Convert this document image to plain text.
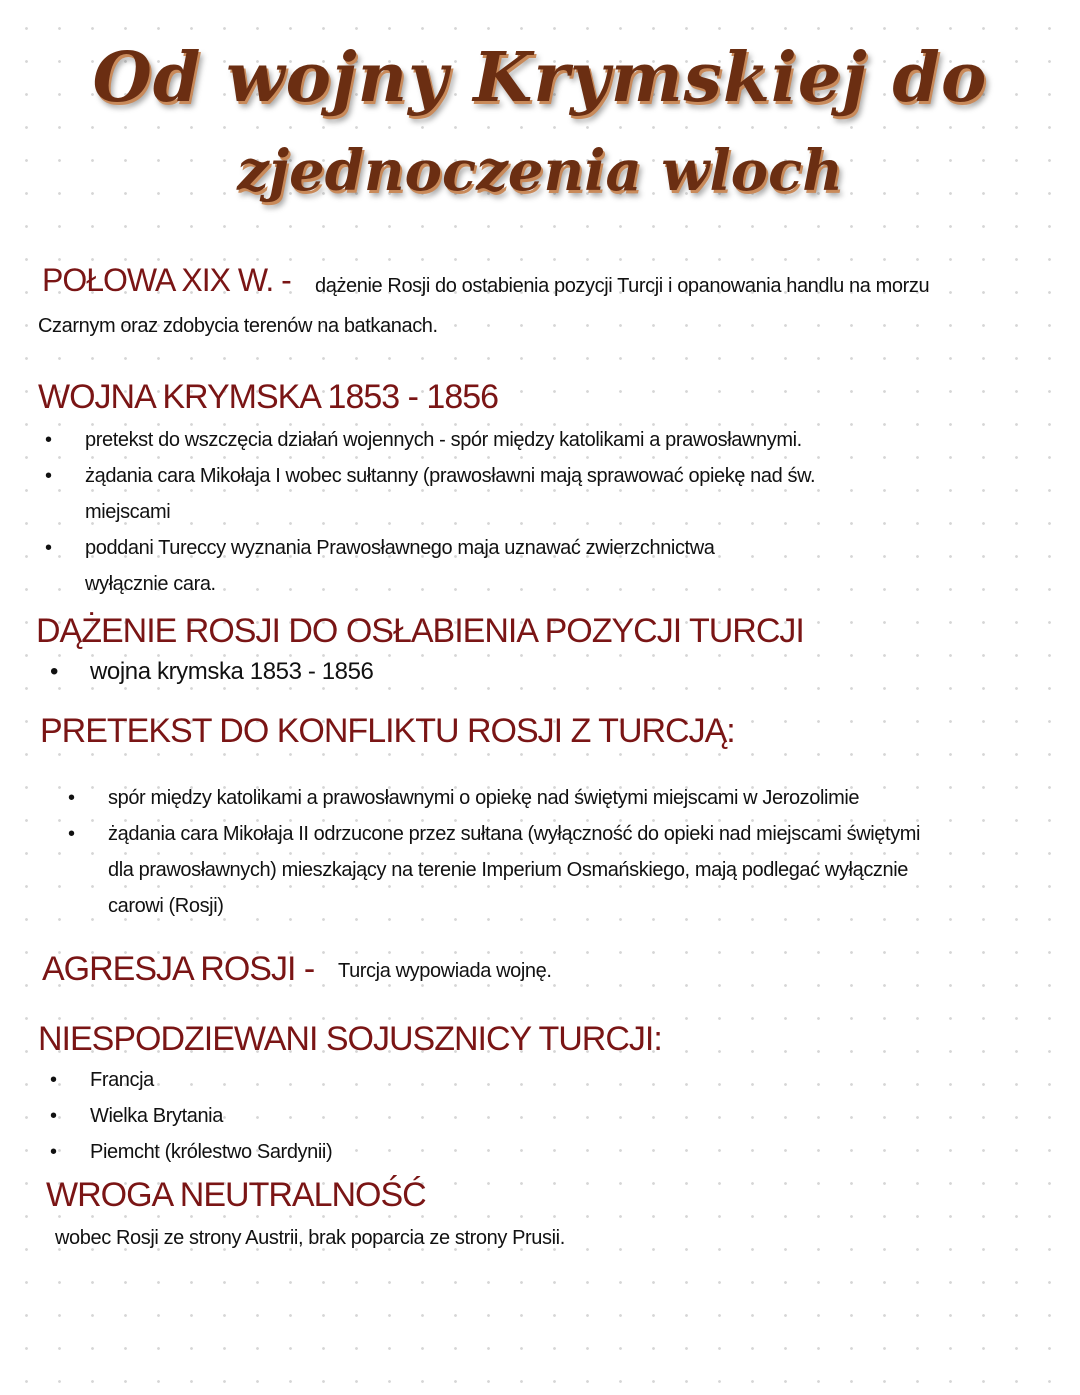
Od wojny Krymskiej do
zjednoczenia wloch
POŁOWA XIX W. - dążenie Rosji do ostabienia pozycji Turcji i opanowania handlu na morzu
Czarnym oraz zdobycia terenów na batkanach.
WOJNA KRYMSKA 1853 - 1856
• pretekst do wszczęcia działań wojennych - spór między katolikami a prawosławnymi.
• żądania cara Mikołaja I wobec sułtanny (prawosławni mają sprawować opiekę nad św. miejscami
• poddani Tureccy wyznania Prawosławnego maja uznawać zwierzchnictwa wyłącznie cara.
DĄŻENIE ROSJI DO OSŁABIENIA POZYCJI TURCJI
• wojna krymska 1853 - 1856
PRETEKST DO KONFLIKTU ROSJI Z TURCJĄ:
• spór między katolikami a prawosławnymi o opiekę nad świętymi miejscami w Jerozolimie
• żądania cara Mikołaja II odrzucone przez sułtana (wyłączność do opieki nad miejscami świętymi dla prawosławnych) mieszkający na terenie Imperium Osmańskiego, mają podlegać wyłącznie carowi (Rosji)
AGRESJA ROSJI - Turcja wypowiada wojnę.
NIESPODZIEWANI SOJUSZNICY TURCJI:
• Francja
• Wielka Brytania
• Piemcht (królestwo Sardynii)
WROGA NEUTRALNOŚĆ
wobec Rosji ze strony Austrii, brak poparcia ze strony Prusii.
